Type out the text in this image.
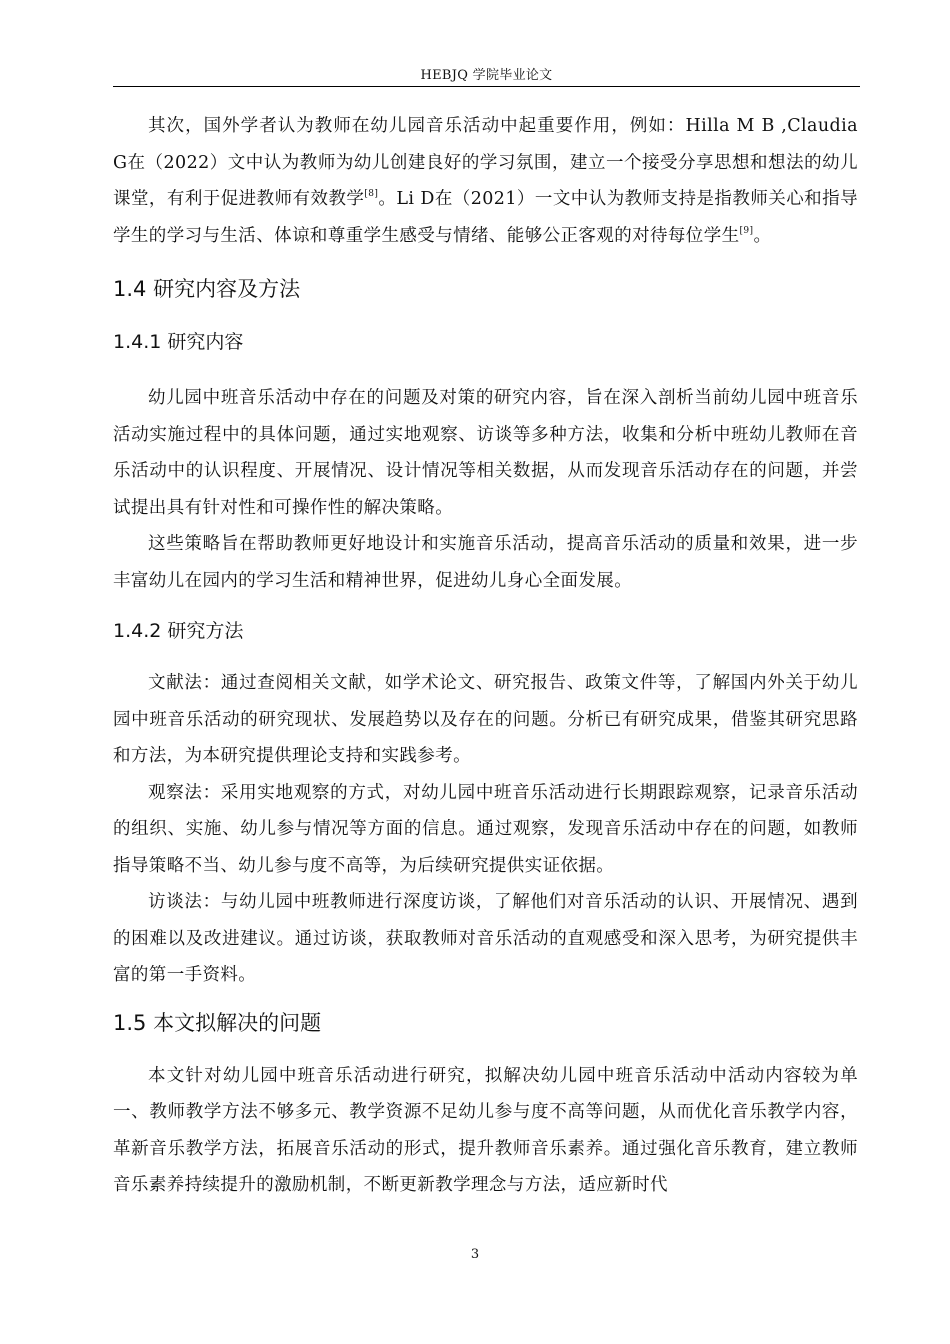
HEBJQ 学院毕业论文

其次，国外学者认为教师在幼儿园音乐活动中起重要作用，例如：Hilla M B ,Claudia G在（2022）文中认为教师为幼儿创建良好的学习氛围，建立一个接受分享思想和想法的幼儿课堂，有利于促进教师有效教学[8]。Li D在（2021）一文中认为教师支持是指教师关心和指导学生的学习与生活、体谅和尊重学生感受与情绪、能够公正客观的对待每位学生[9]。

1.4 研究内容及方法
1.4.1 研究内容

幼儿园中班音乐活动中存在的问题及对策的研究内容，旨在深入剖析当前幼儿园中班音乐活动实施过程中的具体问题，通过实地观察、访谈等多种方法，收集和分析中班幼儿教师在音乐活动中的认识程度、开展情况、设计情况等相关数据，从而发现音乐活动存在的问题，并尝试提出具有针对性和可操作性的解决策略。

这些策略旨在帮助教师更好地设计和实施音乐活动，提高音乐活动的质量和效果，进一步丰富幼儿在园内的学习生活和精神世界，促进幼儿身心全面发展。

1.4.2 研究方法

文献法：通过查阅相关文献，如学术论文、研究报告、政策文件等，了解国内外关于幼儿园中班音乐活动的研究现状、发展趋势以及存在的问题。分析已有研究成果，借鉴其研究思路和方法，为本研究提供理论支持和实践参考。

观察法：采用实地观察的方式，对幼儿园中班音乐活动进行长期跟踪观察，记录音乐活动的组织、实施、幼儿参与情况等方面的信息。通过观察，发现音乐活动中存在的问题，如教师指导策略不当、幼儿参与度不高等，为后续研究提供实证依据。

访谈法：与幼儿园中班教师进行深度访谈，了解他们对音乐活动的认识、开展情况、遇到的困难以及改进建议。通过访谈，获取教师对音乐活动的直观感受和深入思考，为研究提供丰富的第一手资料。

1.5 本文拟解决的问题

本文针对幼儿园中班音乐活动进行研究，拟解决幼儿园中班音乐活动中活动内容较为单一、教师教学方法不够多元、教学资源不足幼儿参与度不高等问题，从而优化音乐教学内容，革新音乐教学方法，拓展音乐活动的形式，提升教师音乐素养。通过强化音乐教育，建立教师音乐素养持续提升的激励机制，不断更新教学理念与方法，适应新时代

3
